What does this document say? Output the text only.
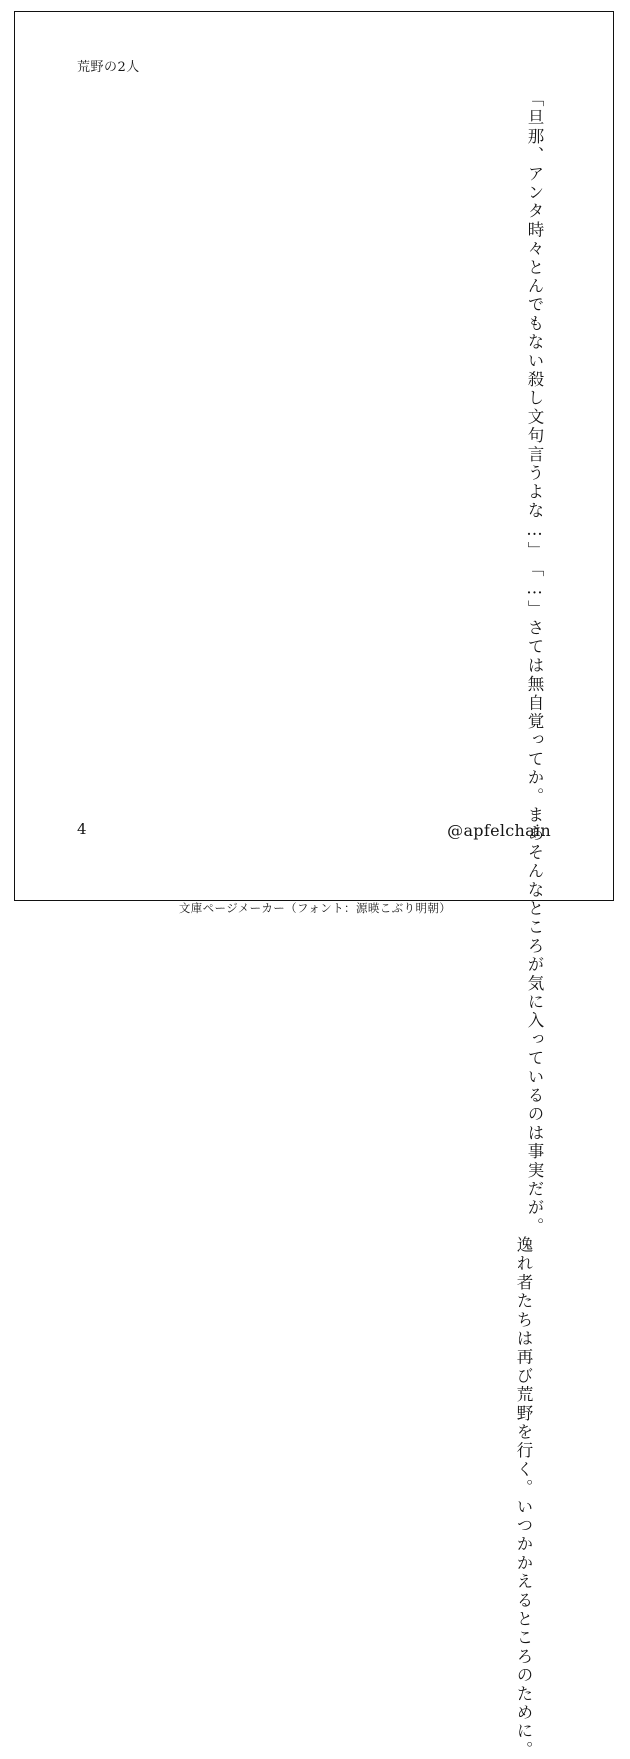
荒野の2人
「旦那、アンタ時々とんでもない殺し文句言うよな…」
「…」
さては無自覚ってか。まあそんなところが気に入っているのは事実だが。
逸れ者たちは再び荒野を行く。いつかかえるところのために。
4	@apfelchain
文庫ページメーカー（フォント：源暎こぶり明朝）
